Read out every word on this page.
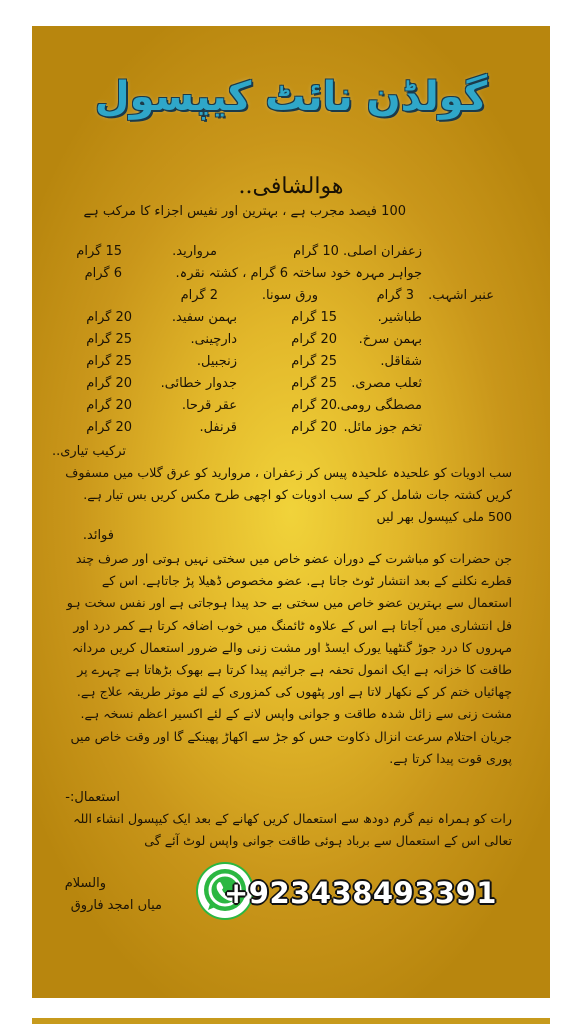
گولڈن نائٹ کیپسول
ھوالشافی..
100 فیصد مجرب ہے ، بہترین اور نفیس اجزاء کا مرکب ہے
زعفران اصلی. 10 گرام
مروارید.
15 گرام
جواہر مہرہ خود ساختہ 6 گرام ، کشتہ نقرہ.
6 گرام
عنبر اشہب.
3 گرام
ورق سونا.
2 گرام
طباشیر.
15 گرام
بہمن سفید.
20 گرام
بہمن سرخ.
20 گرام
دارچینی.
25 گرام
شقاقل.
25 گرام
زنجبیل.
25 گرام
ثعلب مصری.
25 گرام
جدوار خطائی.
20 گرام
مصطگی رومی.
20 گرام
عقر قرحا.
20 گرام
تخم جوز مائل.
20 گرام
قرنفل.
20 گرام
ترکیب تیاری..
سب ادویات کو علحیدہ علحیدہ پیس کر زعفران ، مروارید کو عرق گلاب میں مسفوف کریں کشتہ جات شامل کر کے سب ادویات کو اچھی طرح مکس کریں بس تیار ہے. 500 ملی کیپسول بھر لیں
فوائد.
جن حضرات کو مباشرت کے دوران عضو خاص میں سختی نہیں ہوتی اور صرف چند قطرے نکلنے کے بعد انتشار ٹوٹ جاتا ہے. عضو مخصوص ڈھیلا پڑ جاتاہے. اس کے استعمال سے بہترین عضو خاص میں سختی بے حد پیدا ہوجاتی ہے اور نفس سخت ہو فل انتشاری میں آجاتا ہے اس کے علاوہ ٹائمنگ میں خوب اضافہ کرتا ہے کمر درد اور مہروں کا درد جوڑ گنٹھیا یورک ایسڈ اور مشت زنی والے ضرور استعمال کریں مردانہ طاقت کا خزانہ ہے ایک انمول تحفہ ہے جراثیم پیدا کرتا ہے بھوک بڑھاتا ہے چہرے پر چھائیاں ختم کر کے نکھار لاتا ہے اور پٹھوں کی کمزوری کے لئے موثر طریقہ علاج ہے. مشت زنی سے زائل شدہ طاقت و جوانی واپس لانے کے لئے اکسیر اعظم نسخہ ہے. جریان احتلام سرعت انزال ذکاوت حس کو جڑ سے اکھاڑ پھینکے گا اور وقت خاص میں پوری قوت پیدا کرتا ہے.
استعمال:-
رات کو ہمراہ نیم گرم دودھ سے استعمال کریں کھانے کے بعد ایک کیپسول انشاء اللہ تعالی اس کے استعمال سے برباد ہوئی طاقت جوانی واپس لوٹ آئے گی
والسلام
میاں امجد فاروق +923438493391
